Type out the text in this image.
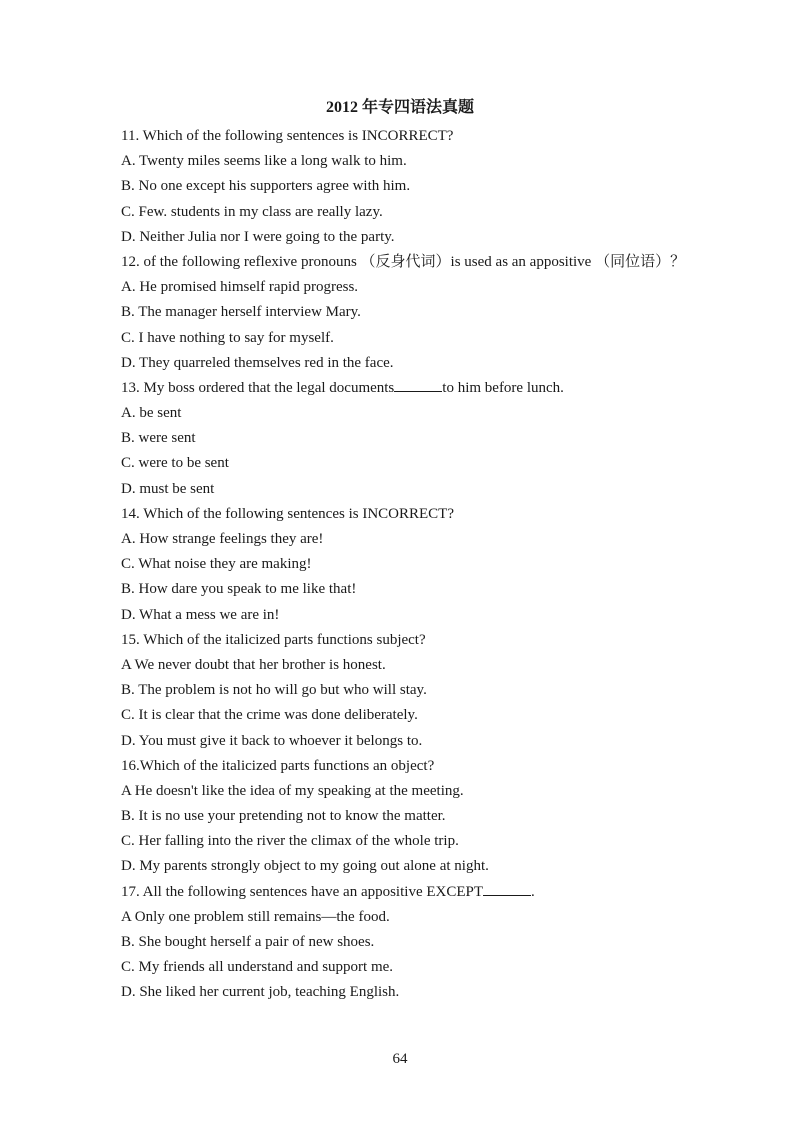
2012 年专四语法真题
11. Which of the following sentences is INCORRECT?
A. Twenty miles seems like a long walk to him.
B. No one except his supporters agree with him.
C. Few. students in my class are really lazy.
D. Neither Julia nor I were going to the party.
12. of the following reflexive pronouns （反身代词）is used as an appositive （同位语）？
A. He promised himself rapid progress.
B. The manager herself interview Mary.
C. I have nothing to say for myself.
D. They quarreled themselves red in the face.
13. My boss ordered that the legal documents	to him before lunch.
A. be sent
B. were sent
C. were to be sent
D. must be sent
14. Which of the following sentences is INCORRECT?
A. How strange feelings they are!
C. What noise they are making!
B. How dare you speak to me like that!
D. What a mess we are in!
15. Which of the italicized parts functions subject?
A We never doubt that her brother is honest.
B. The problem is not ho will go but who will stay.
C. It is clear that the crime was done deliberately.
D. You must give it back to whoever it belongs to.
16.Which of the italicized parts functions an object?
A He doesn't like the idea of my speaking at the meeting.
B. It is no use your pretending not to know the matter.
C. Her falling into the river the climax of the whole trip.
D. My parents strongly object to my going out alone at night.
17. All the following sentences have an appositive EXCEPT	.
A Only one problem still remains—the food.
B. She bought herself a pair of new shoes.
C. My friends all understand and support me.
D. She liked her current job, teaching English.
64
